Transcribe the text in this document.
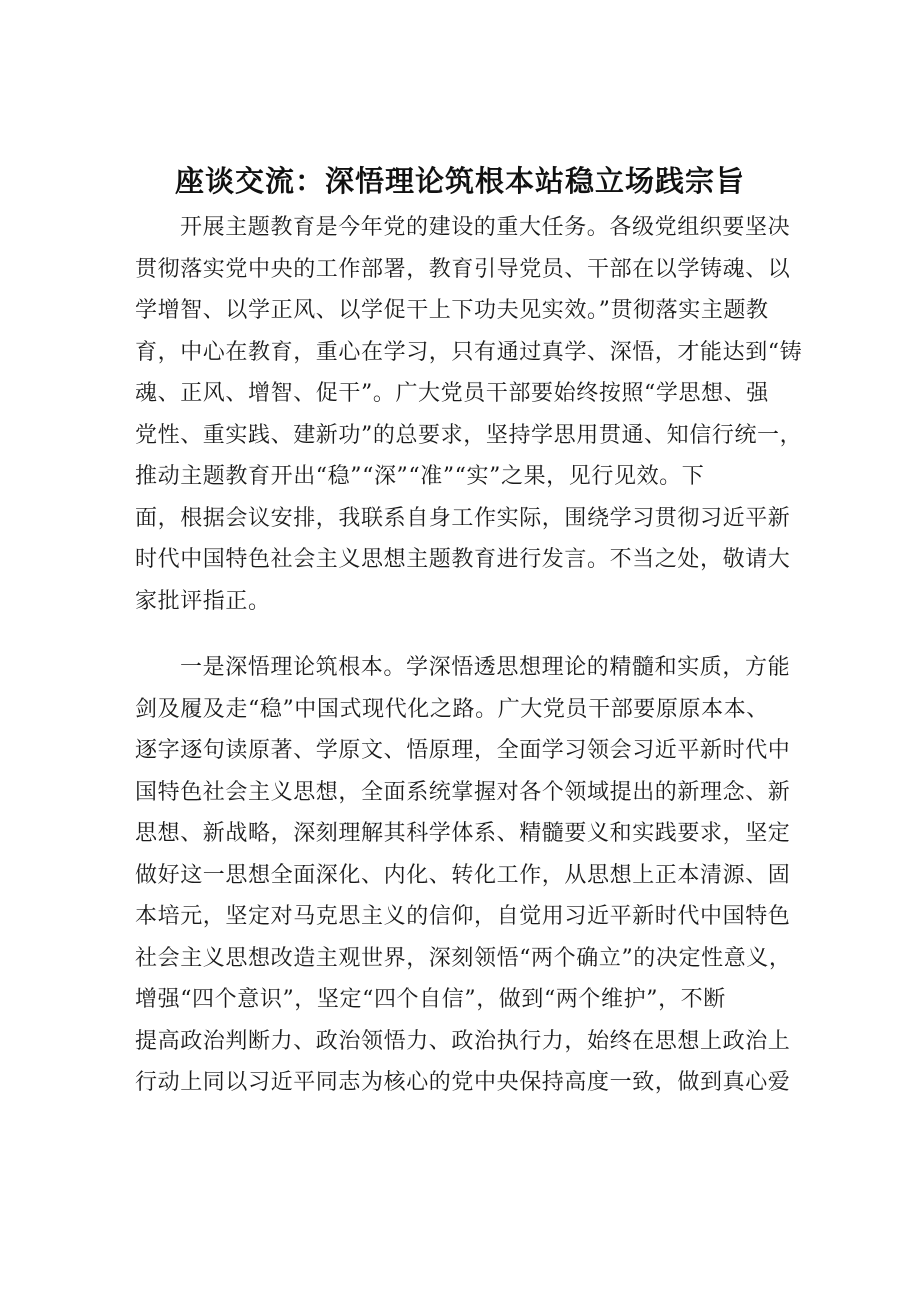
座谈交流：深悟理论筑根本站稳立场践宗旨

开展主题教育是今年党的建设的重大任务。各级党组织要坚决
贯彻落实党中央的工作部署，教育引导党员、干部在以学铸魂、以
学增智、以学正风、以学促干上下功夫见实效。”贯彻落实主题教
育，中心在教育，重心在学习，只有通过真学、深悟，才能达到“铸
魂、正风、增智、促干”。广大党员干部要始终按照“学思想、强
党性、重实践、建新功”的总要求，坚持学思用贯通、知信行统一，
推动主题教育开出“稳”“深”“准”“实”之果，见行见效。下
面，根据会议安排，我联系自身工作实际，围绕学习贯彻习近平新
时代中国特色社会主义思想主题教育进行发言。不当之处，敬请大
家批评指正。

一是深悟理论筑根本。学深悟透思想理论的精髓和实质，方能
剑及履及走“稳”中国式现代化之路。广大党员干部要原原本本、
逐字逐句读原著、学原文、悟原理，全面学习领会习近平新时代中
国特色社会主义思想，全面系统掌握对各个领域提出的新理念、新
思想、新战略，深刻理解其科学体系、精髓要义和实践要求，坚定
做好这一思想全面深化、内化、转化工作，从思想上正本清源、固
本培元，坚定对马克思主义的信仰，自觉用习近平新时代中国特色
社会主义思想改造主观世界，深刻领悟“两个确立”的决定性意义，
增强“四个意识”，坚定“四个自信”，做到“两个维护”，不断
提高政治判断力、政治领悟力、政治执行力，始终在思想上政治上
行动上同以习近平同志为核心的党中央保持高度一致，做到真心爱
